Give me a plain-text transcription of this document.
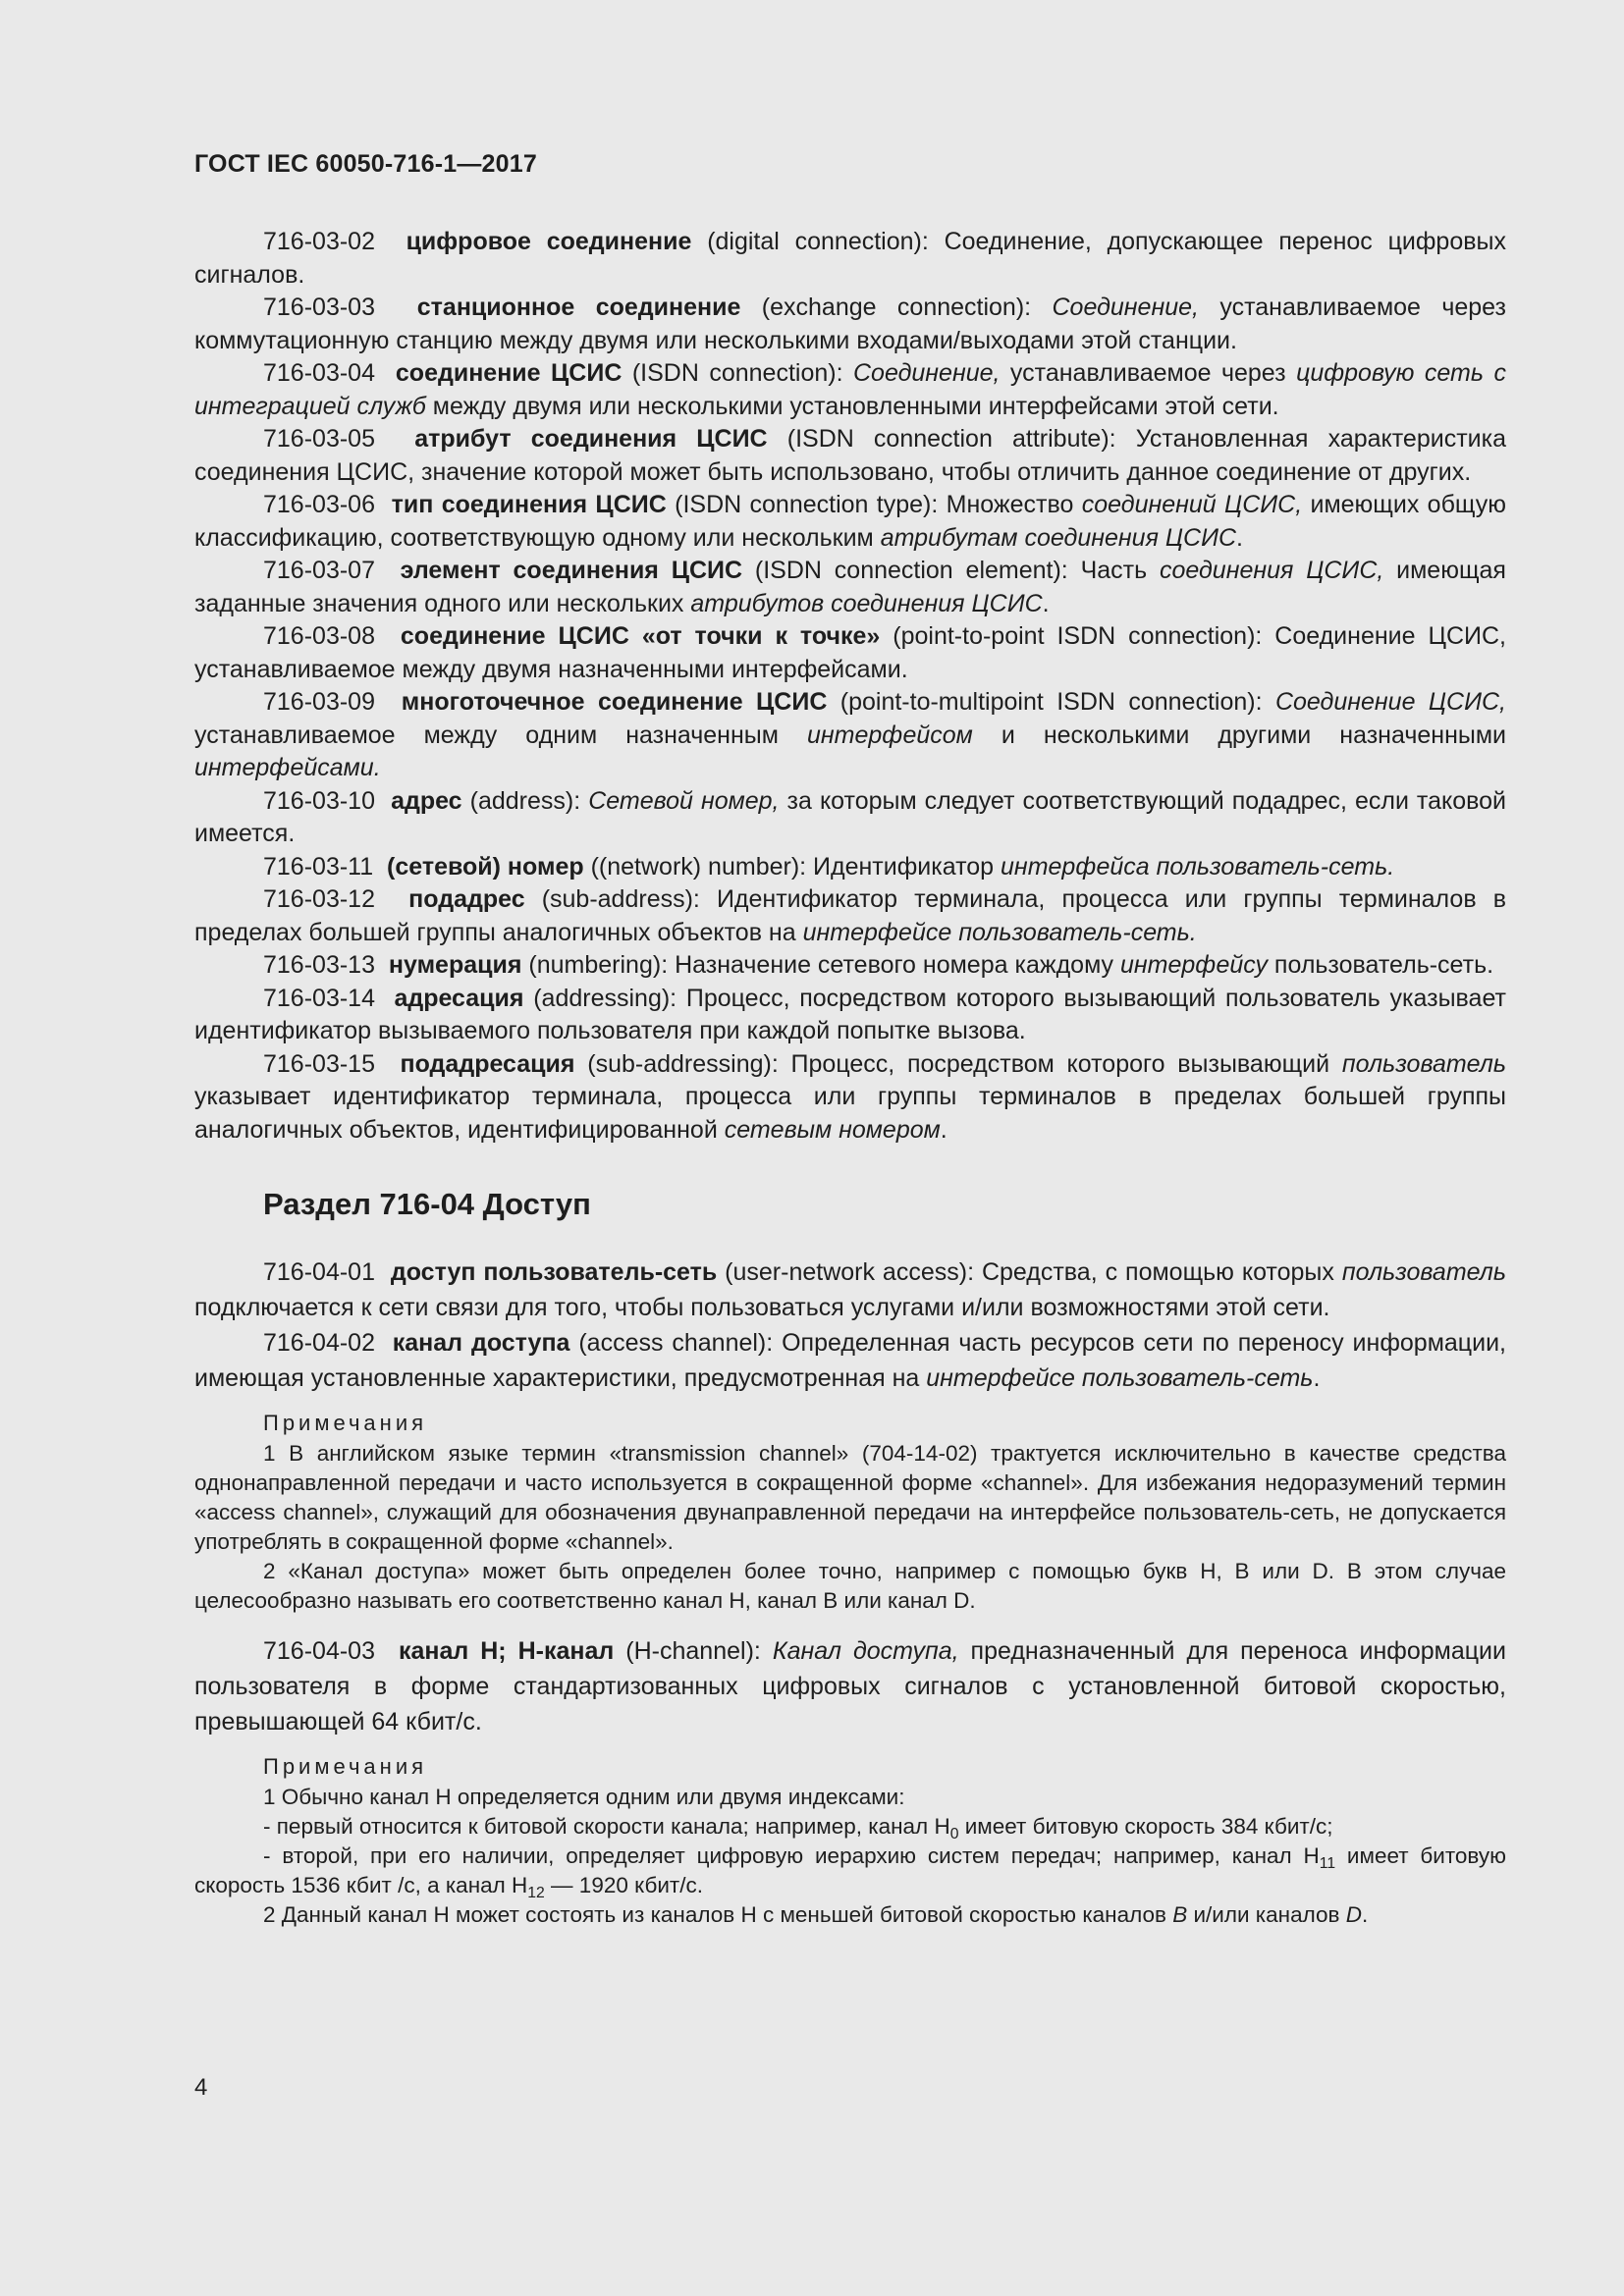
ГОСТ IEC 60050-716-1—2017

716-03-02 цифровое соединение (digital connection): Соединение, допускающее перенос цифровых сигналов.

716-03-03 станционное соединение (exchange connection): Соединение, устанавливаемое через коммутационную станцию между двумя или несколькими входами/выходами этой станции.

716-03-04 соединение ЦСИС (ISDN connection): Соединение, устанавливаемое через цифровую сеть с интеграцией служб между двумя или несколькими установленными интерфейсами этой сети.

716-03-05 атрибут соединения ЦСИС (ISDN connection attribute): Установленная характеристика соединения ЦСИС, значение которой может быть использовано, чтобы отличить данное соединение от других.

716-03-06 тип соединения ЦСИС (ISDN connection type): Множество соединений ЦСИС, имеющих общую классификацию, соответствующую одному или нескольким атрибутам соединения ЦСИС.

716-03-07 элемент соединения ЦСИС (ISDN connection element): Часть соединения ЦСИС, имеющая заданные значения одного или нескольких атрибутов соединения ЦСИС.

716-03-08 соединение ЦСИС «от точки к точке» (point-to-point ISDN connection): Соединение ЦСИС, устанавливаемое между двумя назначенными интерфейсами.

716-03-09 многоточечное соединение ЦСИС (point-to-multipoint ISDN connection): Соединение ЦСИС, устанавливаемое между одним назначенным интерфейсом и несколькими другими назначенными интерфейсами.

716-03-10 адрес (address): Сетевой номер, за которым следует соответствующий подадрес, если таковой имеется.

716-03-11 (сетевой) номер ((network) number): Идентификатор интерфейса пользователь-сеть.

716-03-12 подадрес (sub-address): Идентификатор терминала, процесса или группы терминалов в пределах большей группы аналогичных объектов на интерфейсе пользователь-сеть.

716-03-13 нумерация (numbering): Назначение сетевого номера каждому интерфейсу пользователь-сеть.

716-03-14 адресация (addressing): Процесс, посредством которого вызывающий пользователь указывает идентификатор вызываемого пользователя при каждой попытке вызова.

716-03-15 подадресация (sub-addressing): Процесс, посредством которого вызывающий пользователь указывает идентификатор терминала, процесса или группы терминалов в пределах большей группы аналогичных объектов, идентифицированной сетевым номером.

Раздел 716-04 Доступ

716-04-01 доступ пользователь-сеть (user-network access): Средства, с помощью которых пользователь подключается к сети связи для того, чтобы пользоваться услугами и/или возможностями этой сети.

716-04-02 канал доступа (access channel): Определенная часть ресурсов сети по переносу информации, имеющая установленные характеристики, предусмотренная на интерфейсе пользователь-сеть.

Примечания

1 В английском языке термин «transmission channel» (704-14-02) трактуется исключительно в качестве средства однонаправленной передачи и часто используется в сокращенной форме «channel». Для избежания недоразумений термин «access channel», служащий для обозначения двунаправленной передачи на интерфейсе пользователь-сеть, не допускается употреблять в сокращенной форме «channel».

2 «Канал доступа» может быть определен более точно, например с помощью букв Н, В или D. В этом случае целесообразно называть его соответственно канал Н, канал В или канал D.

716-04-03 канал Н; Н-канал (H-channel): Канал доступа, предназначенный для переноса информации пользователя в форме стандартизованных цифровых сигналов с установленной битовой скоростью, превышающей 64 кбит/с.

Примечания

1 Обычно канал Н определяется одним или двумя индексами:

- первый относится к битовой скорости канала; например, канал $Н_0$ имеет битовую скорость 384 кбит/с;

- второй, при его наличии, определяет цифровую иерархию систем передач; например, канал $Н_{11}$ имеет битовую скорость 1536 кбит /с, а канал $Н_{12}$ — 1920 кбит/с.

2 Данный канал Н может состоять из каналов Н с меньшей битовой скоростью каналов В и/или каналов D.

4
